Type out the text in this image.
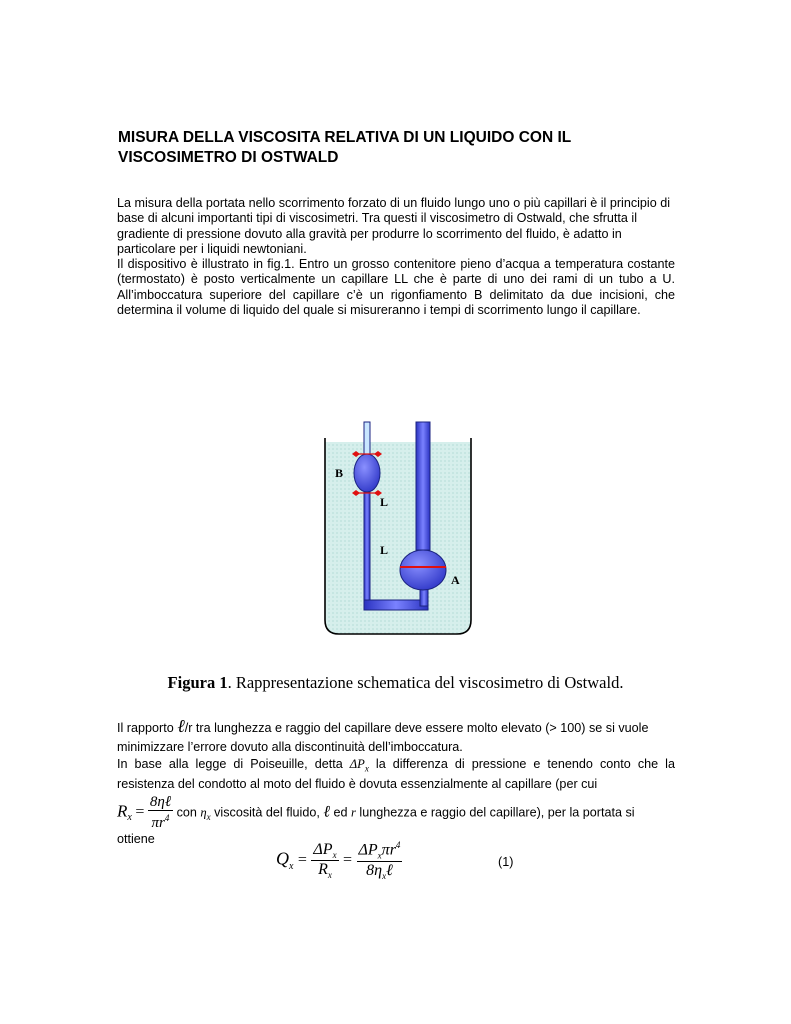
MISURA DELLA VISCOSITA RELATIVA DI UN LIQUIDO CON IL
VISCOSIMETRO DI OSTWALD

La misura della portata nello scorrimento forzato di un fluido lungo uno o più capillari è il principio di base di alcuni importanti tipi di viscosimetri. Tra questi il viscosimetro di Ostwald, che sfrutta il gradiente di pressione dovuto alla gravità per produrre lo scorrimento del fluido, è adatto in particolare per i liquidi newtoniani.

Il dispositivo è illustrato in fig.1. Entro un grosso contenitore pieno d’acqua a temperatura costante (termostato) è posto verticalmente un capillare LL che è parte di uno dei rami di un tubo a U. All’imboccatura superiore del capillare c’è un rigonfiamento B delimitato da due incisioni, che determina il volume di liquido del quale si misureranno i tempi di scorrimento lungo il capillare.

B
L
L
A
Figura 1. Rappresentazione schematica del viscosimetro di Ostwald.

Il rapporto ℓ/r tra lunghezza e raggio del capillare deve essere molto elevato (> 100) se si vuole minimizzare l’errore dovuto alla discontinuità dell’imboccatura.

In base alla legge di Poiseuille, detta $\Delta P_x$ la differenza di pressione e tenendo conto che la resistenza del condotto al moto del fluido è dovuta essenzialmente al capillare (per cui

$R_x = \frac{\text{8ηℓ}}{\pi r^4}$ con $\eta_x$ viscosità del fluido, ℓ ed r lunghezza e raggio del capillare), per la portata si

ottiene

$Q_x = \frac{\Delta P_x}{R_x} = \frac{\Delta P_x\pi r^4}{8\eta_x\ell}$	(1)
